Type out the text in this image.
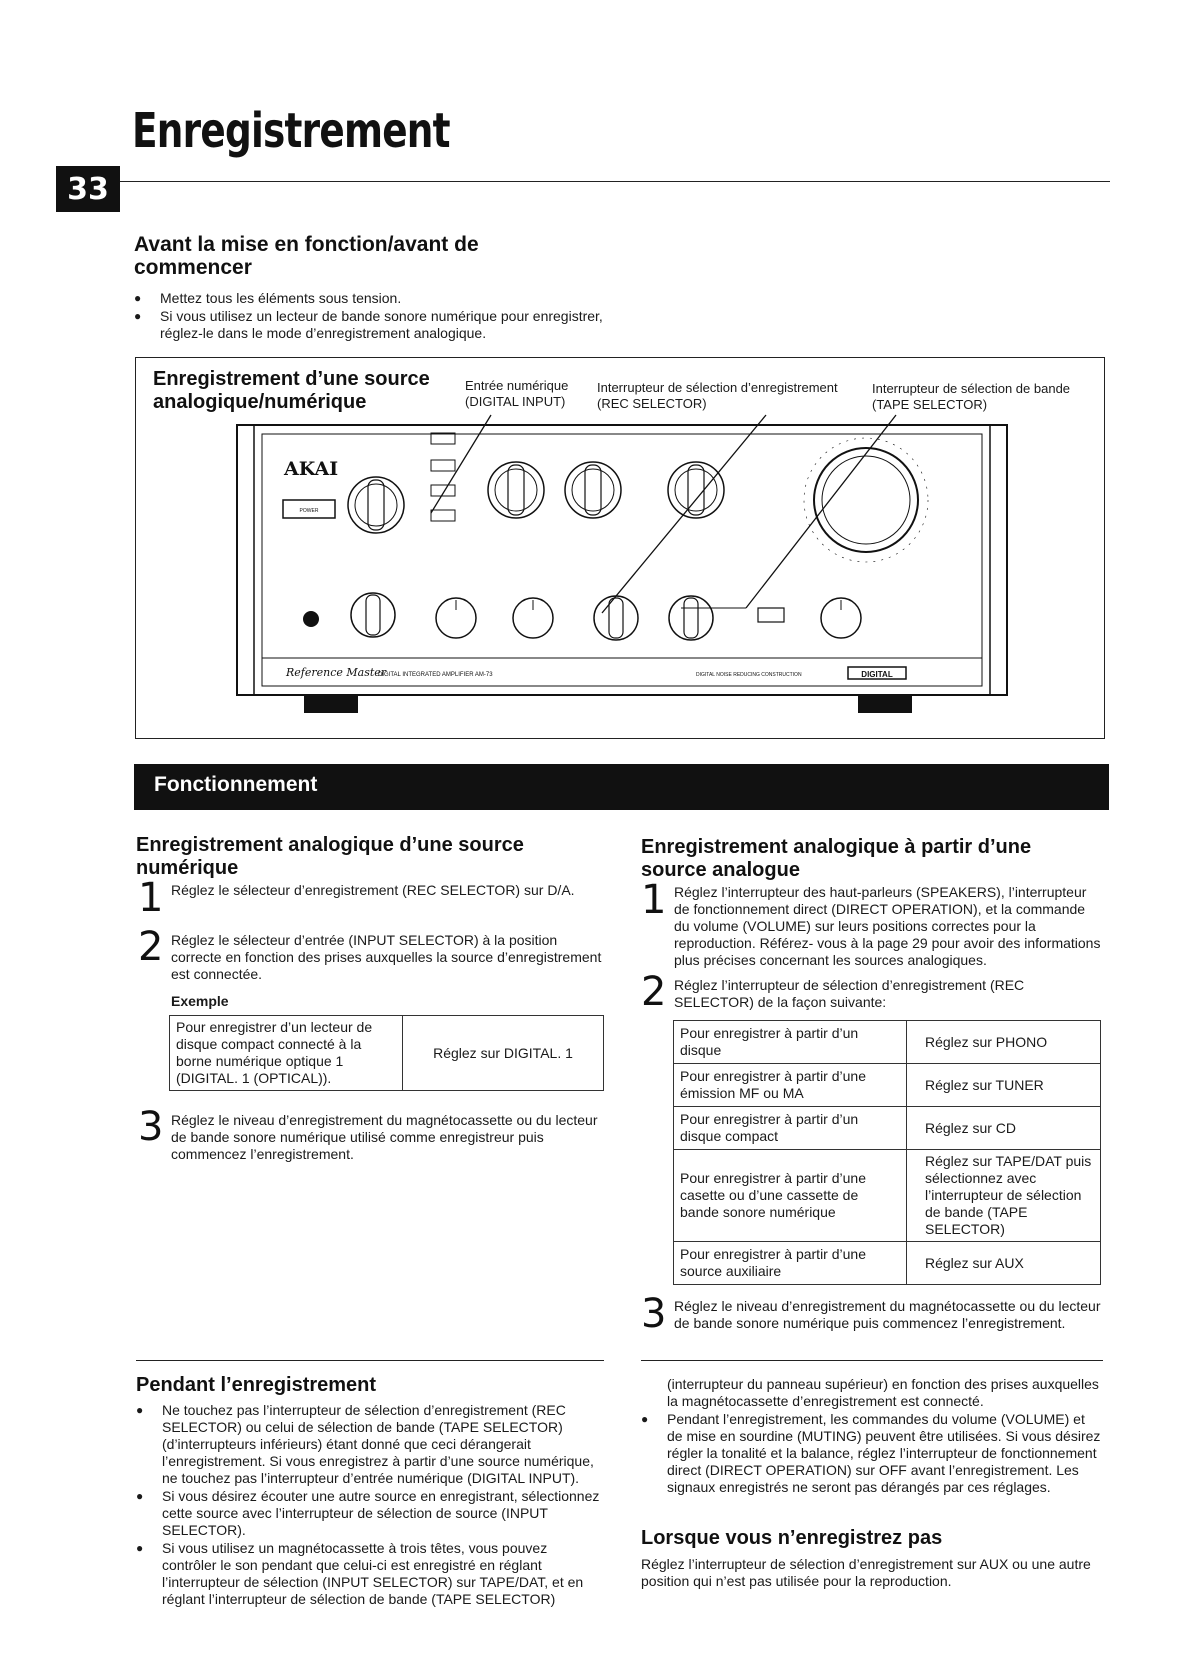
Enregistrement
33
Avant la mise en fonction/avant de commencer
● Mettez tous les éléments sous tension.
● Si vous utilisez un lecteur de bande sonore numérique pour enregistrer, réglez-le dans le mode d’enregistrement analogique.
Enregistrement d’une source analogique/numérique
Entrée numérique
(DIGITAL INPUT)
Interrupteur de sélection d’enregistrement
(REC SELECTOR)
Interrupteur de sélection de bande
(TAPE SELECTOR)
AKAI
POWER
Reference Master
DIGITAL INTEGRATED AMPLIFIER AM-73	DIGITAL NOISE REDUCING CONSTRUCTION	DIGITAL
Fonctionnement
Enregistrement analogique d’une source numérique
1 Réglez le sélecteur d’enregistrement (REC SELECTOR) sur D/A.
2 Réglez le sélecteur d’entrée (INPUT SELECTOR) à la position correcte en fonction des prises auxquelles la source d’enregistrement est connectée.
Exemple
Pour enregistrer d’un lecteur de disque compact connecté à la borne numérique optique 1 (DIGITAL. 1 (OPTICAL)).	Réglez sur DIGITAL. 1
3 Réglez le niveau d’enregistrement du magnétocassette ou du lecteur de bande sonore numérique utilisé comme enregistreur puis commencez l’enregistrement.
Enregistrement analogique à partir d’une source analogue
1 Réglez l’interrupteur des haut-parleurs (SPEAKERS), l’interrupteur de fonctionnement direct (DIRECT OPERATION), et la commande du volume (VOLUME) sur leurs positions correctes pour la reproduction. Référez- vous à la page 29 pour avoir des informations plus précises concernant les sources analogiques.
2 Réglez l’interrupteur de sélection d’enregistrement (REC SELECTOR) de la façon suivante:
Pour enregistrer à partir d’un disque	Réglez sur PHONO
Pour enregistrer à partir d’une émission MF ou MA	Réglez sur TUNER
Pour enregistrer à partir d’un disque compact	Réglez sur CD
Pour enregistrer à partir d’une casette ou d’une cassette de bande sonore numérique	Réglez sur TAPE/DAT puis sélectionnez avec l’interrupteur de sélection de bande (TAPE SELECTOR)
Pour enregistrer à partir d’une source auxiliaire	Réglez sur AUX
3 Réglez le niveau d’enregistrement du magnétocassette ou du lecteur de bande sonore numérique puis commencez l’enregistrement.
Pendant l’enregistrement
● Ne touchez pas l’interrupteur de sélection d’enregistrement (REC SELECTOR) ou celui de sélection de bande (TAPE SELECTOR) (d’interrupteurs inférieurs) étant donné que ceci dérangerait l’enregistrement. Si vous enregistrez à partir d’une source numérique, ne touchez pas l’interrupteur d’entrée numérique (DIGITAL INPUT).
● Si vous désirez écouter une autre source en enregistrant, sélectionnez cette source avec l’interrupteur de sélection de source (INPUT SELECTOR).
● Si vous utilisez un magnétocassette à trois têtes, vous pouvez contrôler le son pendant que celui-ci est enregistré en réglant l’interrupteur de sélection (INPUT SELECTOR) sur TAPE/DAT, et en réglant l’interrupteur de sélection de bande (TAPE SELECTOR)
(interrupteur du panneau supérieur) en fonction des prises auxquelles la magnétocassette d’enregistrement est connecté.
● Pendant l’enregistrement, les commandes du volume (VOLUME) et de mise en sourdine (MUTING) peuvent être utilisées. Si vous désirez régler la tonalité et la balance, réglez l’interrupteur de fonctionnement direct (DIRECT OPERATION) sur OFF avant l’enregistrement. Les signaux enregistrés ne seront pas dérangés par ces réglages.
Lorsque vous n’enregistrez pas
Réglez l’interrupteur de sélection d’enregistrement sur AUX ou une autre position qui n’est pas utilisée pour la reproduction.
